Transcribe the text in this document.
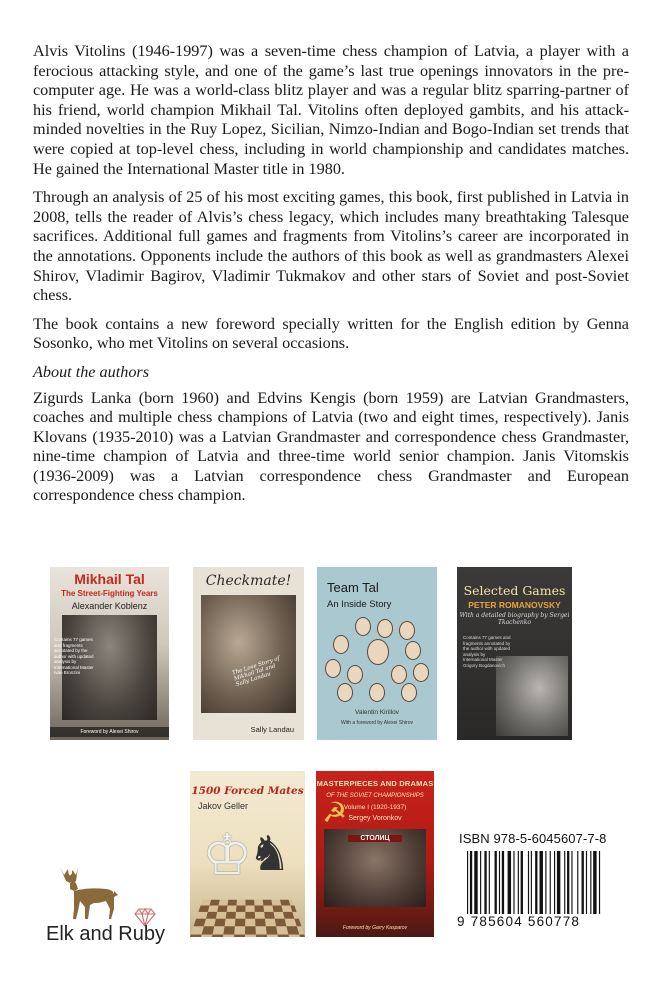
Alvis Vitolins (1946-1997) was a seven-time chess champion of Latvia, a player with a ferocious attacking style, and one of the game’s last true openings innovators in the pre-computer age. He was a world-class blitz player and was a regular blitz sparring-partner of his friend, world champion Mikhail Tal. Vitolins often deployed gambits, and his attack-minded novelties in the Ruy Lopez, Sicilian, Nimzo-Indian and Bogo-Indian set trends that were copied at top-level chess, including in world championship and candidates matches. He gained the International Master title in 1980.

Through an analysis of 25 of his most exciting games, this book, first published in Latvia in 2008, tells the reader of Alvis’s chess legacy, which includes many breathtaking Talesque sacrifices. Additional full games and fragments from Vitolins’s career are incorporated in the annotations. Opponents include the authors of this book as well as grandmasters Alexei Shirov, Vladimir Bagirov, Vladimir Tukmakov and other stars of Soviet and post-Soviet chess.

The book contains a new foreword specially written for the English edition by Genna Sosonko, who met Vitolins on several occasions.

About the authors

Zigurds Lanka (born 1960) and Edvins Kengis (born 1959) are Latvian Grandmasters, coaches and multiple chess champions of Latvia (two and eight times, respectively). Janis Klovans (1935-2010) was a Latvian Grandmaster and correspondence chess Grandmaster, nine-time champion of Latvia and three-time world senior champion. Janis Vitomskis (1936-2009) was a Latvian correspondence chess Grandmaster and European correspondence chess champion.

Mikhail Tal
The Street-Fighting Years
Alexander Koblenz
Contains 77 games and fragments annotated by the author with updated analysis by International Master Ivan Bronzini
Foreword by Alexei Shirov
Checkmate!
The Love Story of Mikhail Tal and Sally Landau
Sally Landau
Team Tal
An Inside Story
Valentin Kirillov
With a foreword by Alexei Shirov
Selected Games
PETER ROMANOVSKY
With a detailed biography by Sergei Tkachenko
Contains 77 games and fragments annotated by the author with updated analysis by International Master Grigory Bogdanovich
1500 Forced Mates
Jakov Geller
♔
♞
MASTERPIECES AND DRAMAS
OF THE SOVIET CHAMPIONSHIPS
☭
Volume I (1920-1937)
Sergey Voronkov
СТОЛИЦ
Foreword by Garry Kasparov
Elk and Ruby
ISBN 978-5-6045607-7-8
9 785604 560778
